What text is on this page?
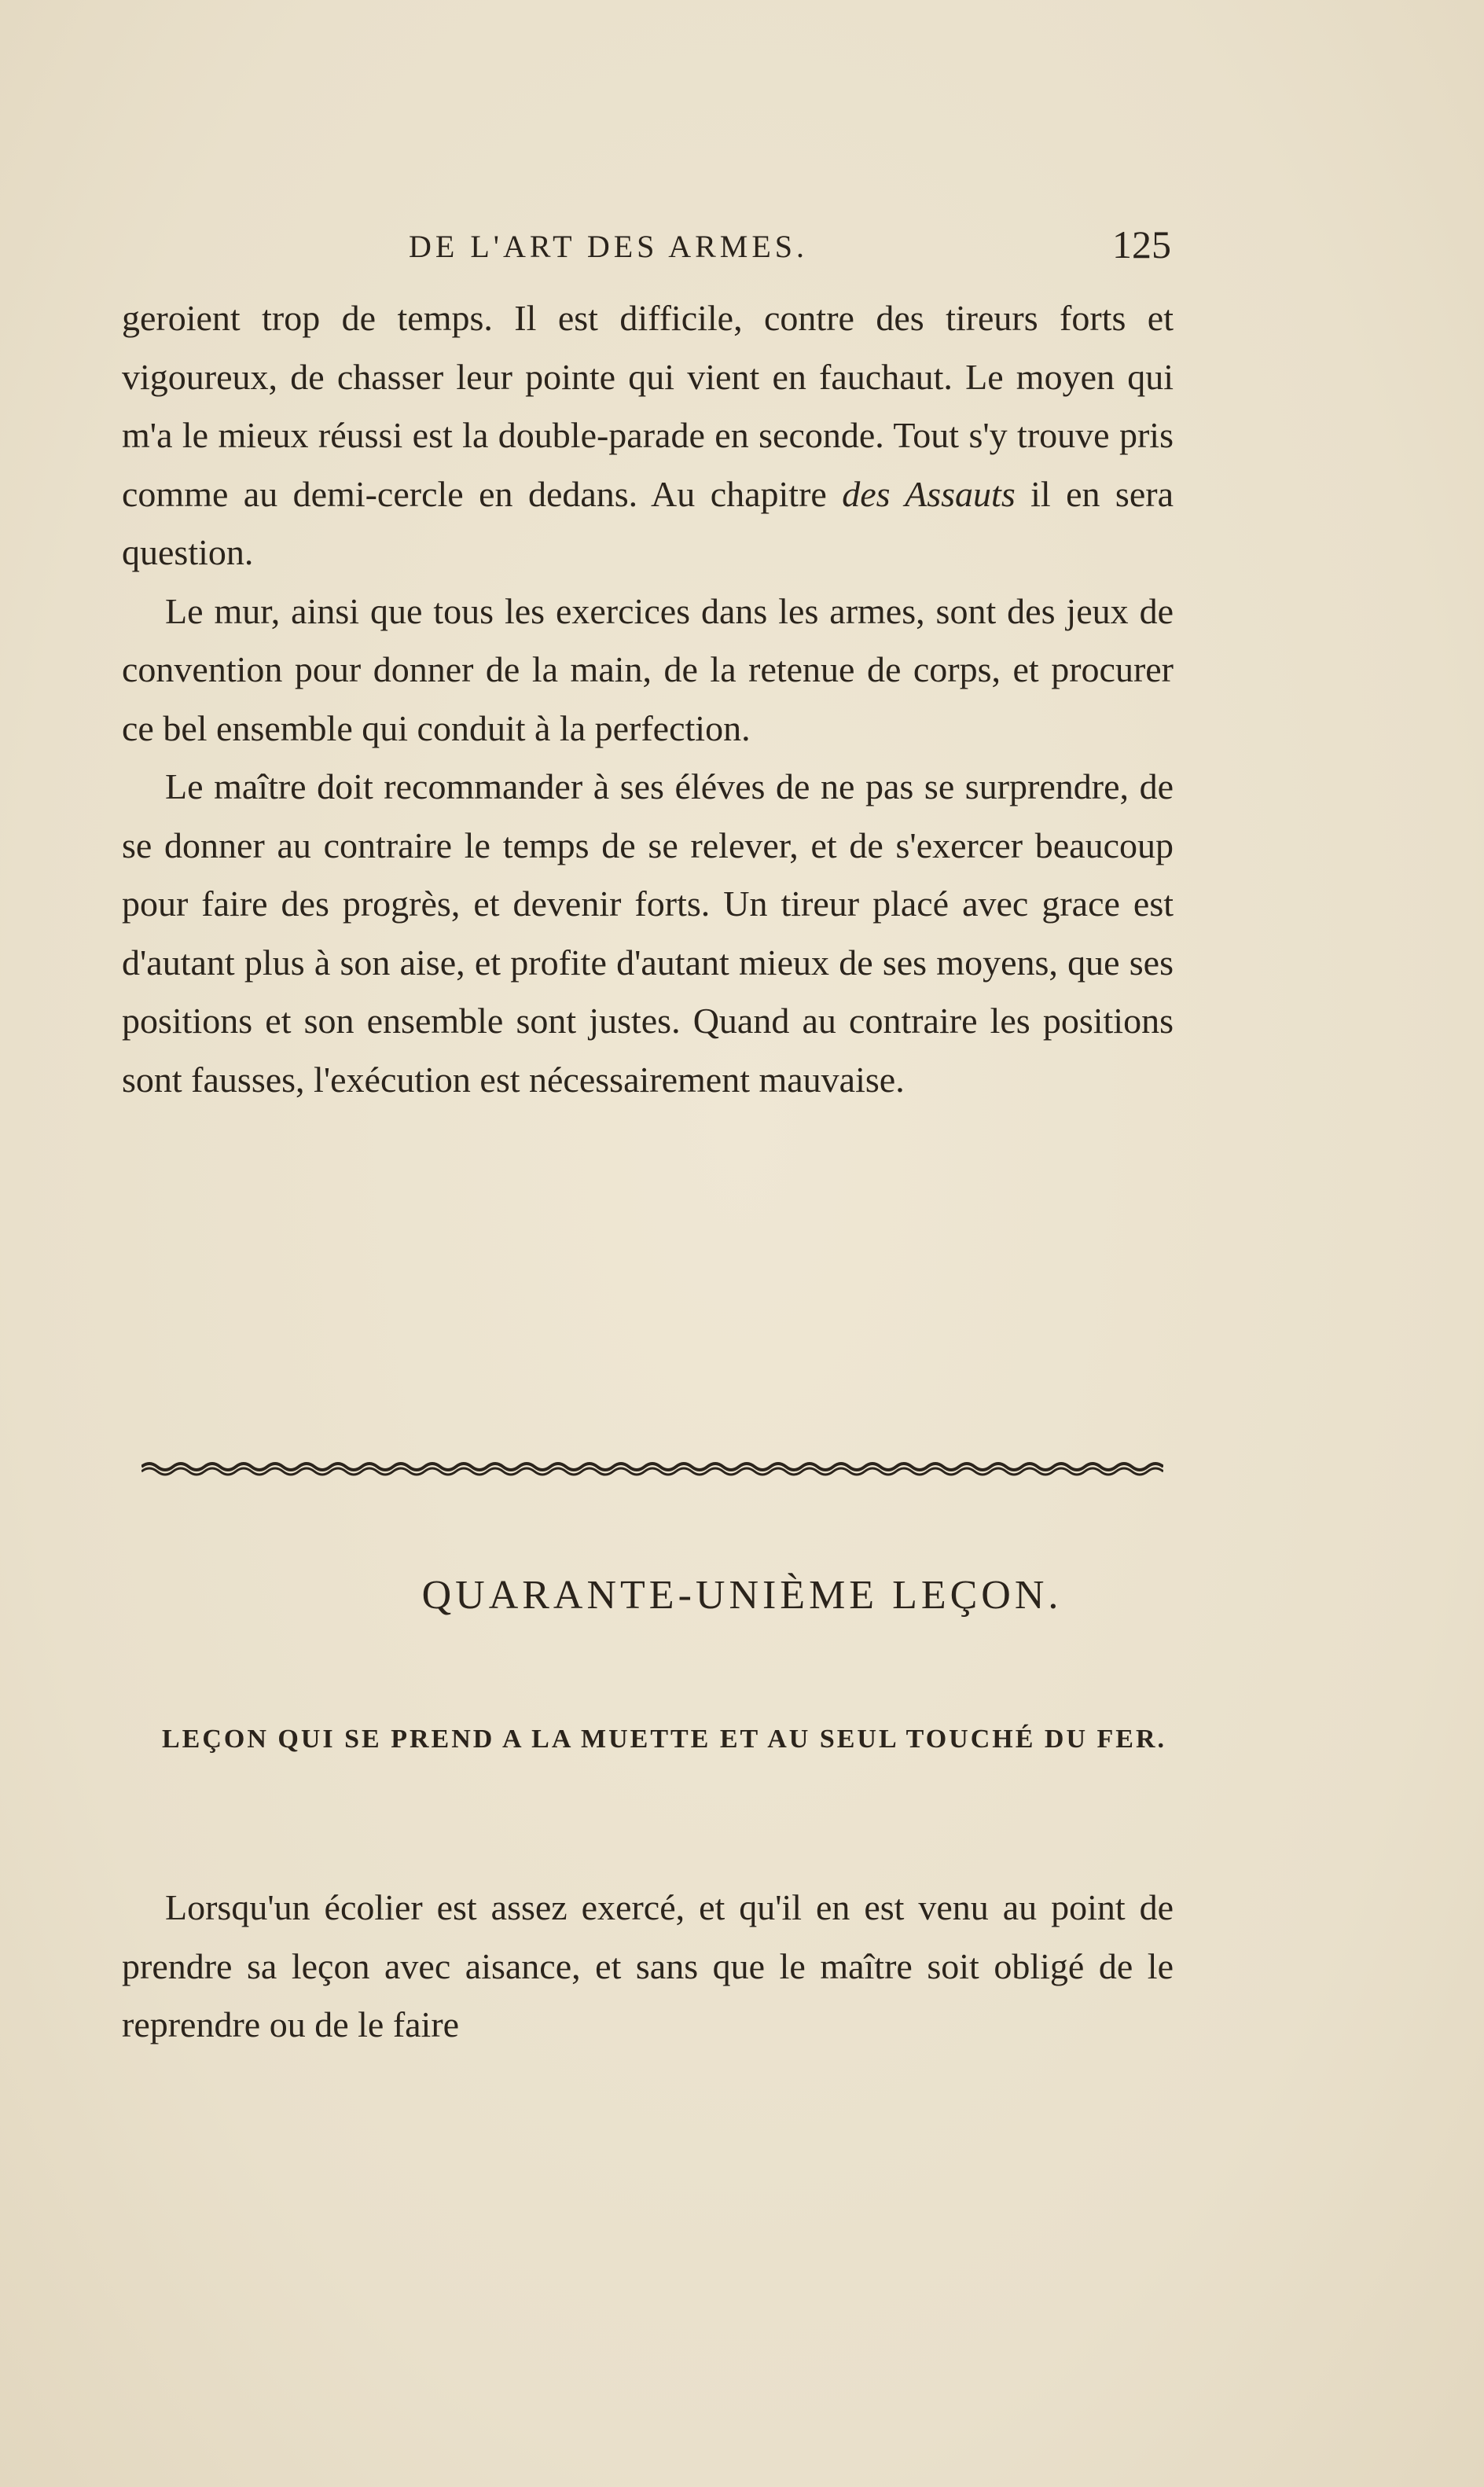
DE L'ART DES ARMES.	125

geroient trop de temps. Il est difficile, contre des tireurs forts et vigoureux, de chasser leur pointe qui vient en fauchaut. Le moyen qui m'a le mieux réussi est la double-parade en seconde. Tout s'y trouve pris comme au demi-cercle en dedans. Au chapitre des Assauts il en sera question.

Le mur, ainsi que tous les exercices dans les armes, sont des jeux de convention pour donner de la main, de la retenue de corps, et procurer ce bel ensemble qui conduit à la perfection.

Le maître doit recommander à ses éléves de ne pas se surprendre, de se donner au contraire le temps de se relever, et de s'exercer beaucoup pour faire des progrès, et devenir forts. Un tireur placé avec grace est d'autant plus à son aise, et profite d'autant mieux de ses moyens, que ses positions et son ensemble sont justes. Quand au contraire les positions sont fausses, l'exécution est nécessairement mauvaise.

QUARANTE-UNIÈME LEÇON.
LEÇON QUI SE PREND A LA MUETTE ET AU SEUL TOUCHÉ DU FER.

Lorsqu'un écolier est assez exercé, et qu'il en est venu au point de prendre sa leçon avec aisance, et sans que le maître soit obligé de le reprendre ou de le faire
